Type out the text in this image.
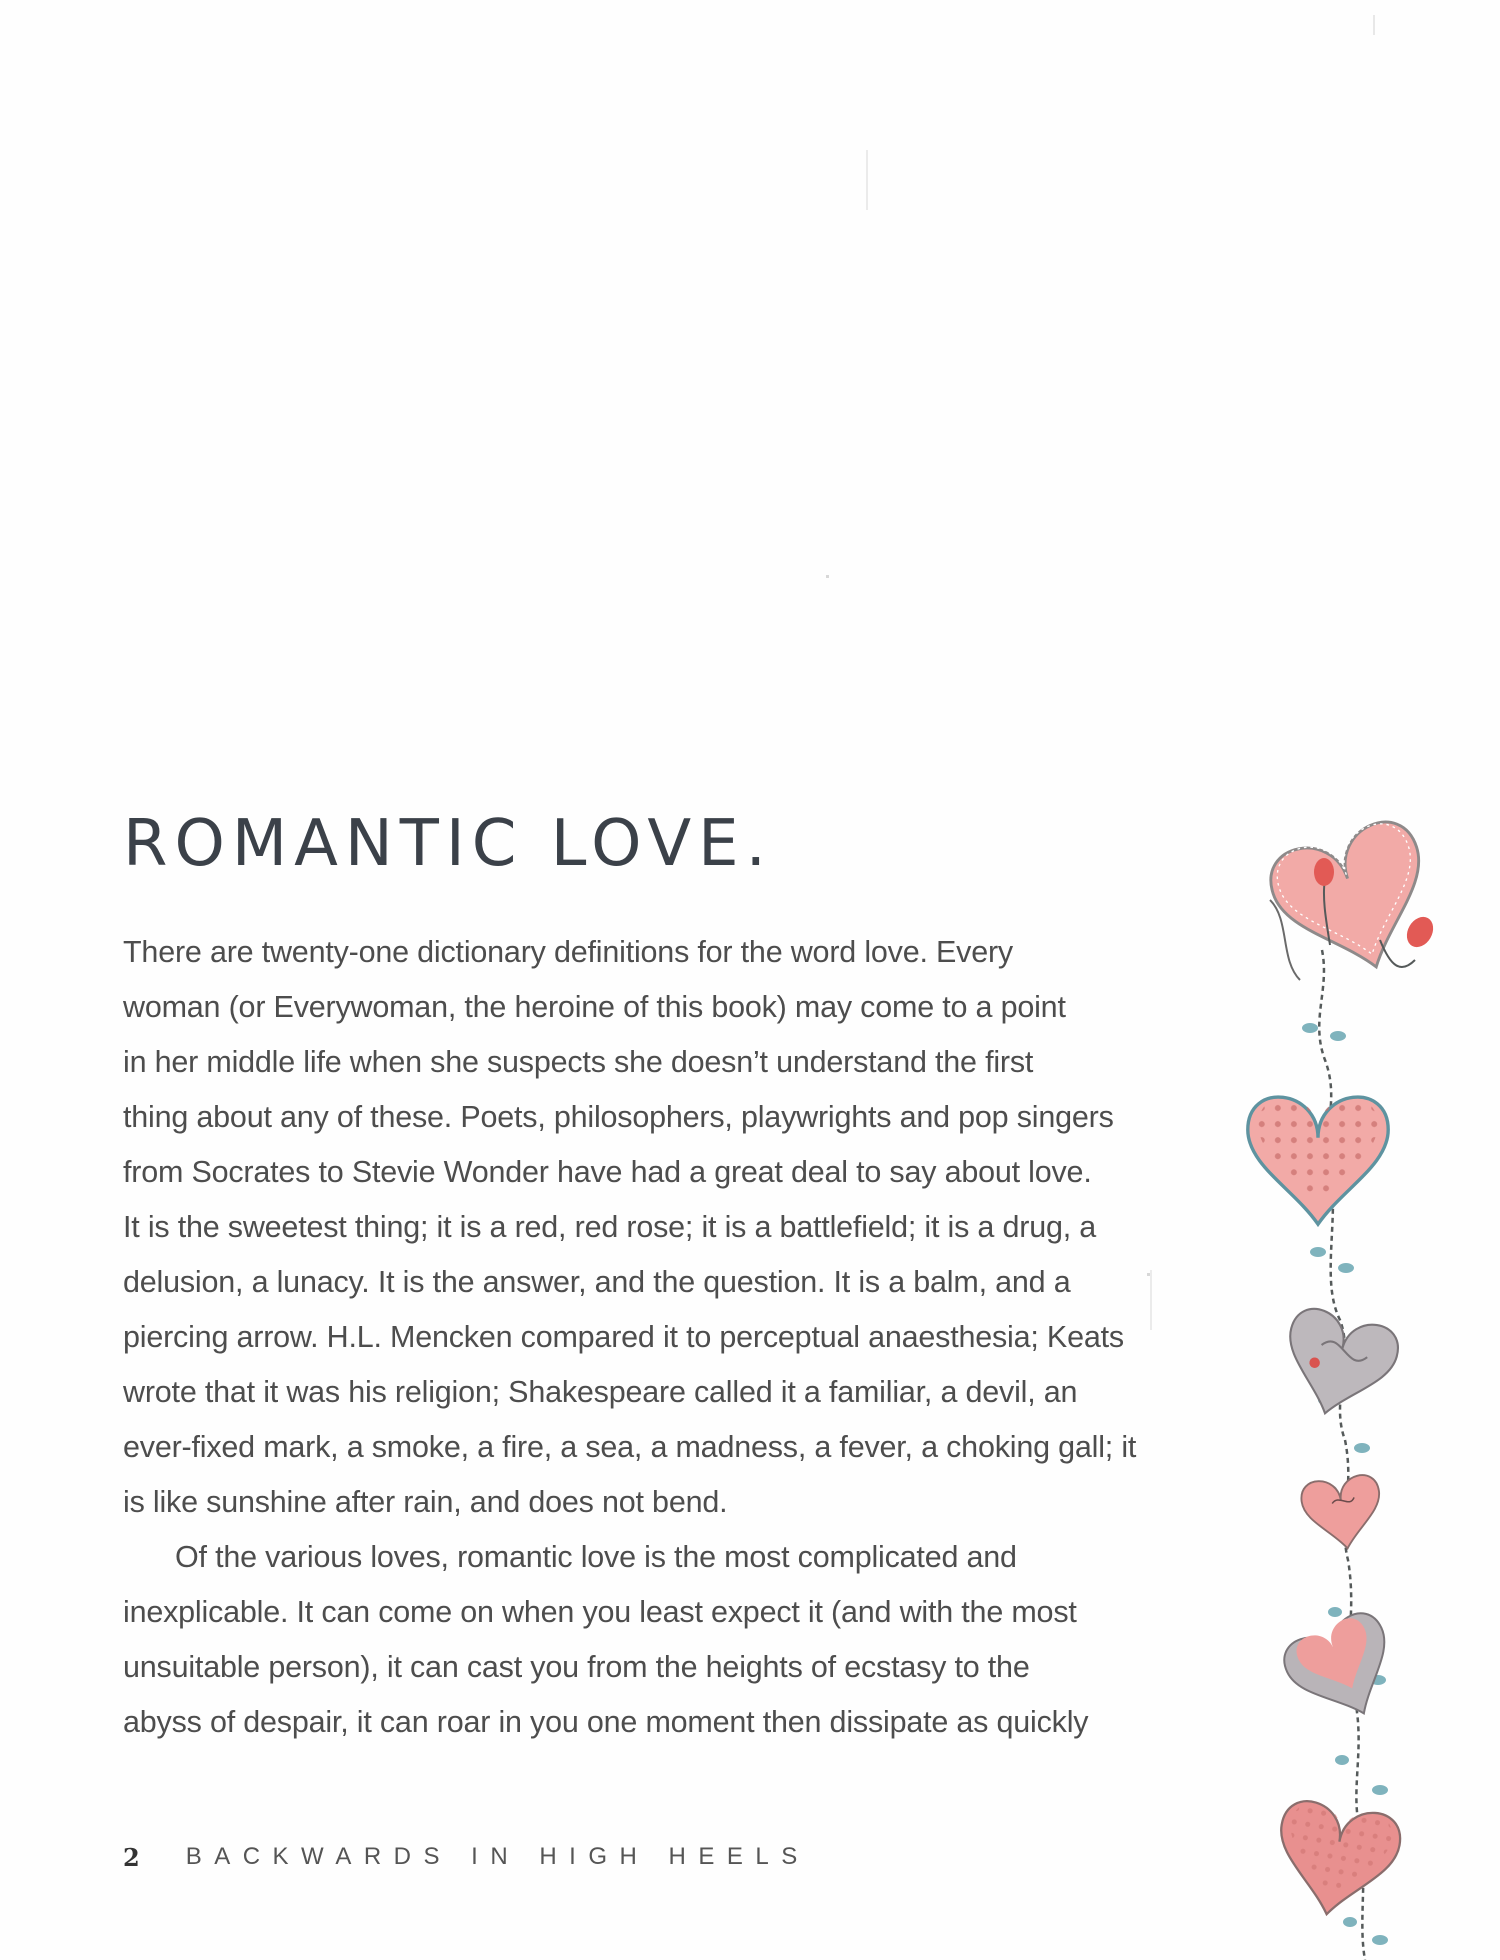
ROMANTIC LOVE.

There are twenty-one dictionary definitions for the word love. Every
woman (or Everywoman, the heroine of this book) may come to a point
in her middle life when she suspects she doesn’t understand the first
thing about any of these. Poets, philosophers, playwrights and pop singers
from Socrates to Stevie Wonder have had a great deal to say about love.
It is the sweetest thing; it is a red, red rose; it is a battlefield; it is a drug, a
delusion, a lunacy. It is the answer, and the question. It is a balm, and a
piercing arrow. H.L. Mencken compared it to perceptual anaesthesia; Keats
wrote that it was his religion; Shakespeare called it a familiar, a devil, an
ever-fixed mark, a smoke, a fire, a sea, a madness, a fever, a choking gall; it
is like sunshine after rain, and does not bend.

Of the various loves, romantic love is the most complicated and
inexplicable. It can come on when you least expect it (and with the most
unsuitable person), it can cast you from the heights of ecstasy to the
abyss of despair, it can roar in you one moment then dissipate as quickly

2 BACKWARDS IN HIGH HEELS
